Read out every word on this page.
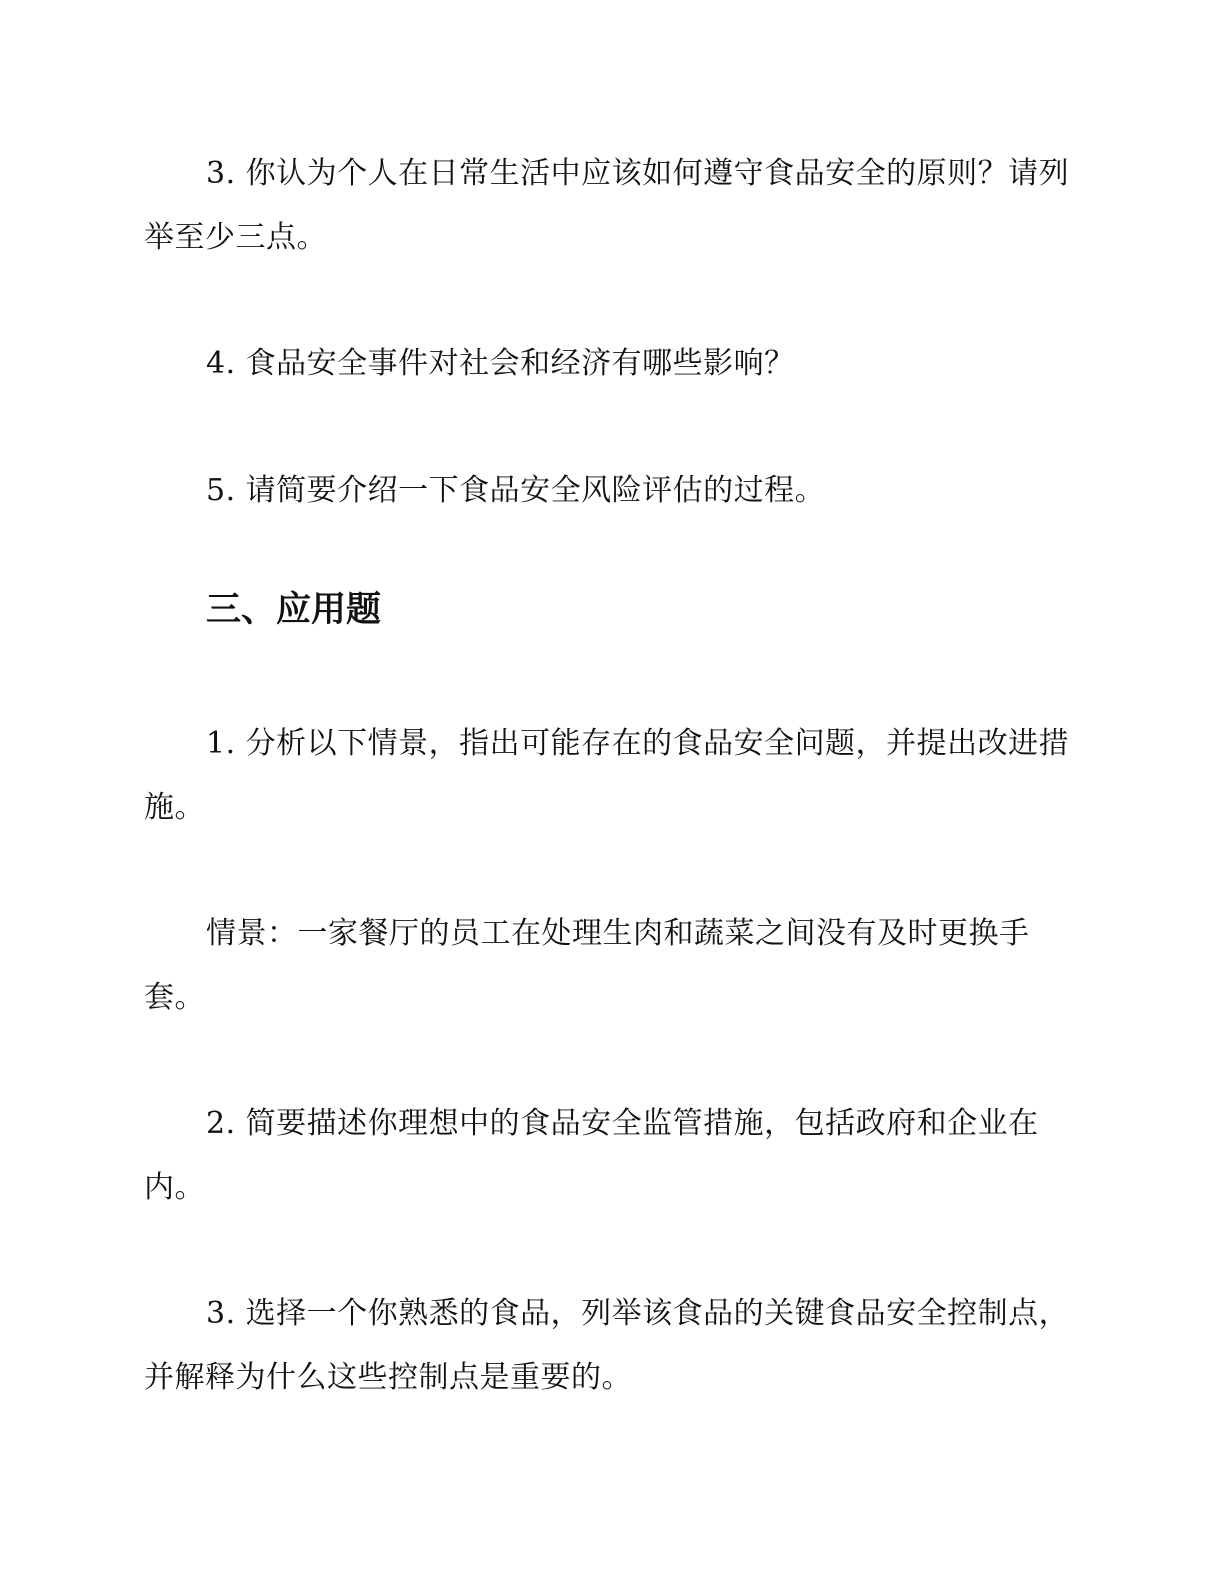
3. 你认为个人在日常生活中应该如何遵守食品安全的原则？请列举至少三点。

4. 食品安全事件对社会和经济有哪些影响？

5. 请简要介绍一下食品安全风险评估的过程。

三、应用题

1. 分析以下情景，指出可能存在的食品安全问题，并提出改进措施。

情景：一家餐厅的员工在处理生肉和蔬菜之间没有及时更换手套。

2. 简要描述你理想中的食品安全监管措施，包括政府和企业在内。

3. 选择一个你熟悉的食品，列举该食品的关键食品安全控制点，并解释为什么这些控制点是重要的。
